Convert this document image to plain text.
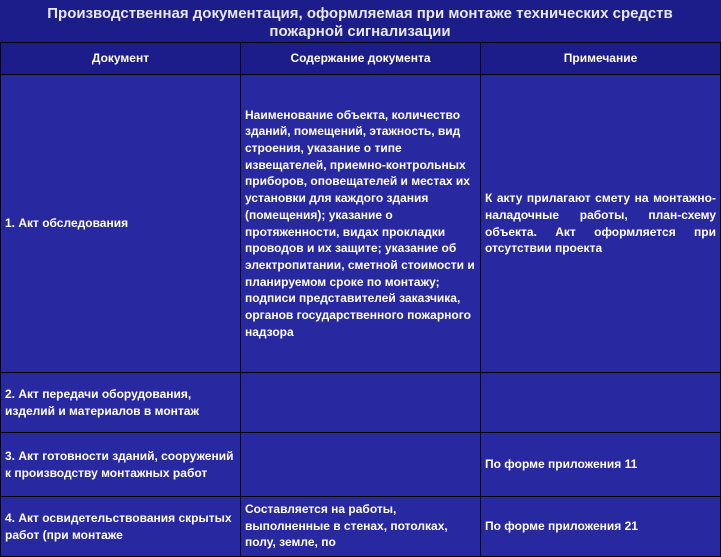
Производственная документация, оформляемая при монтаже технических средств
пожарной сигнализации
Документ	Содержание документа	Примечание
1. Акт обследования	Наименование объекта, количество зданий, помещений, этажность, вид строения, указание о типе извещателей, приемно-контрольных приборов, оповещателей и местах их установки для каждого здания (помещения); указание о протяженности, видах прокладки проводов и их защите; указание об электропитании, сметной стоимости и планируемом сроке по монтажу; подписи представителей заказчика, органов государственного пожарного надзора	К акту прилагают смету на монтажно-наладочные работы, план-схему объекта. Акт оформляется при отсутствии проекта
2. Акт передачи оборудования, изделий и материалов в монтаж		
3. Акт готовности зданий, сооружений к производству монтажных работ		По форме приложения 11
4. Акт освидетельствования скрытых работ (при монтаже	Составляется на работы, выполненные в стенах, потолках, полу, земле, по	По форме приложения 21
